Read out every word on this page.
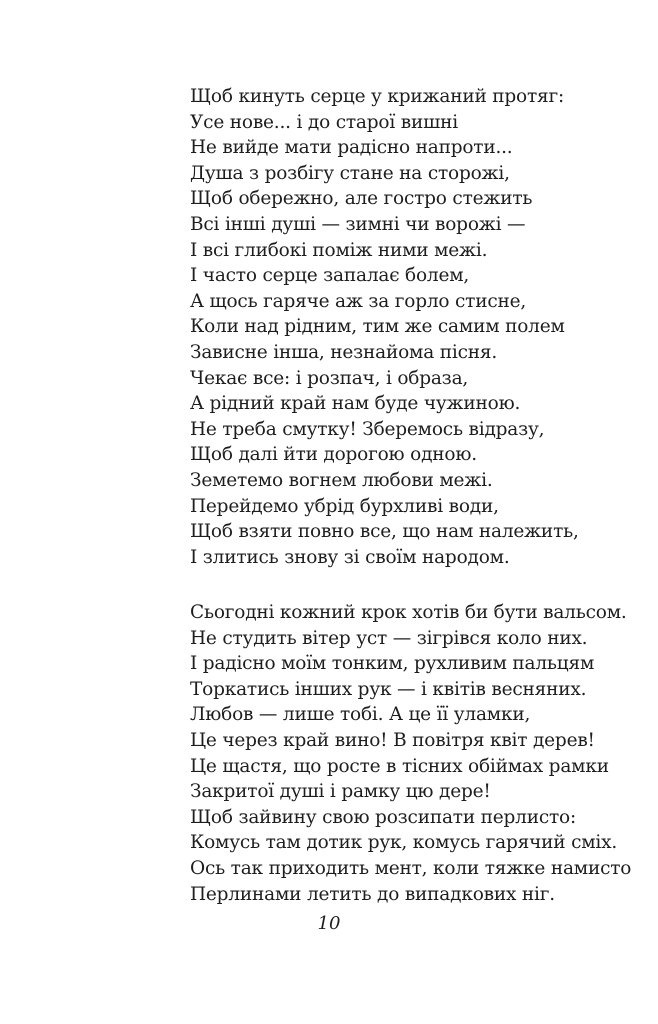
Щоб кинуть серце у крижаний протяг:
Усе нове... і до старої вишні
Не вийде мати радісно напроти...
Душа з розбігу стане на сторожі,
Щоб обережно, але гостро стежить
Всі інші душі — зимні чи ворожі —
І всі глибокі поміж ними межі.
І часто серце запалає болем,
А щось гаряче аж за горло стисне,
Коли над рідним, тим же самим полем
Зависне інша, незнайома пісня.
Чекає все: і розпач, і образа,
А рідний край нам буде чужиною.
Не треба смутку! Зберемось відразу,
Щоб далі йти дорогою одною.
Земетемо вогнем любови межі.
Перейдемо убрід бурхливі води,
Щоб взяти повно все, що нам належить,
І злитись знову зі своїм народом.
Сьогодні кожний крок хотів би бути вальсом.
Не студить вітер уст — зігрівся коло них.
І радісно моїм тонким, рухливим пальцям
Торкатись інших рук — і квітів весняних.
Любов — лише тобі. А це її уламки,
Це через край вино! В повітря квіт дерев!
Це щастя, що росте в тісних обіймах рамки
Закритої душі і рамку цю дере!
Щоб зайвину свою розсипати перлисто:
Комусь там дотик рук, комусь гарячий сміх.
Ось так приходить мент, коли тяжке намисто
Перлинами летить до випадкових ніг.
10
